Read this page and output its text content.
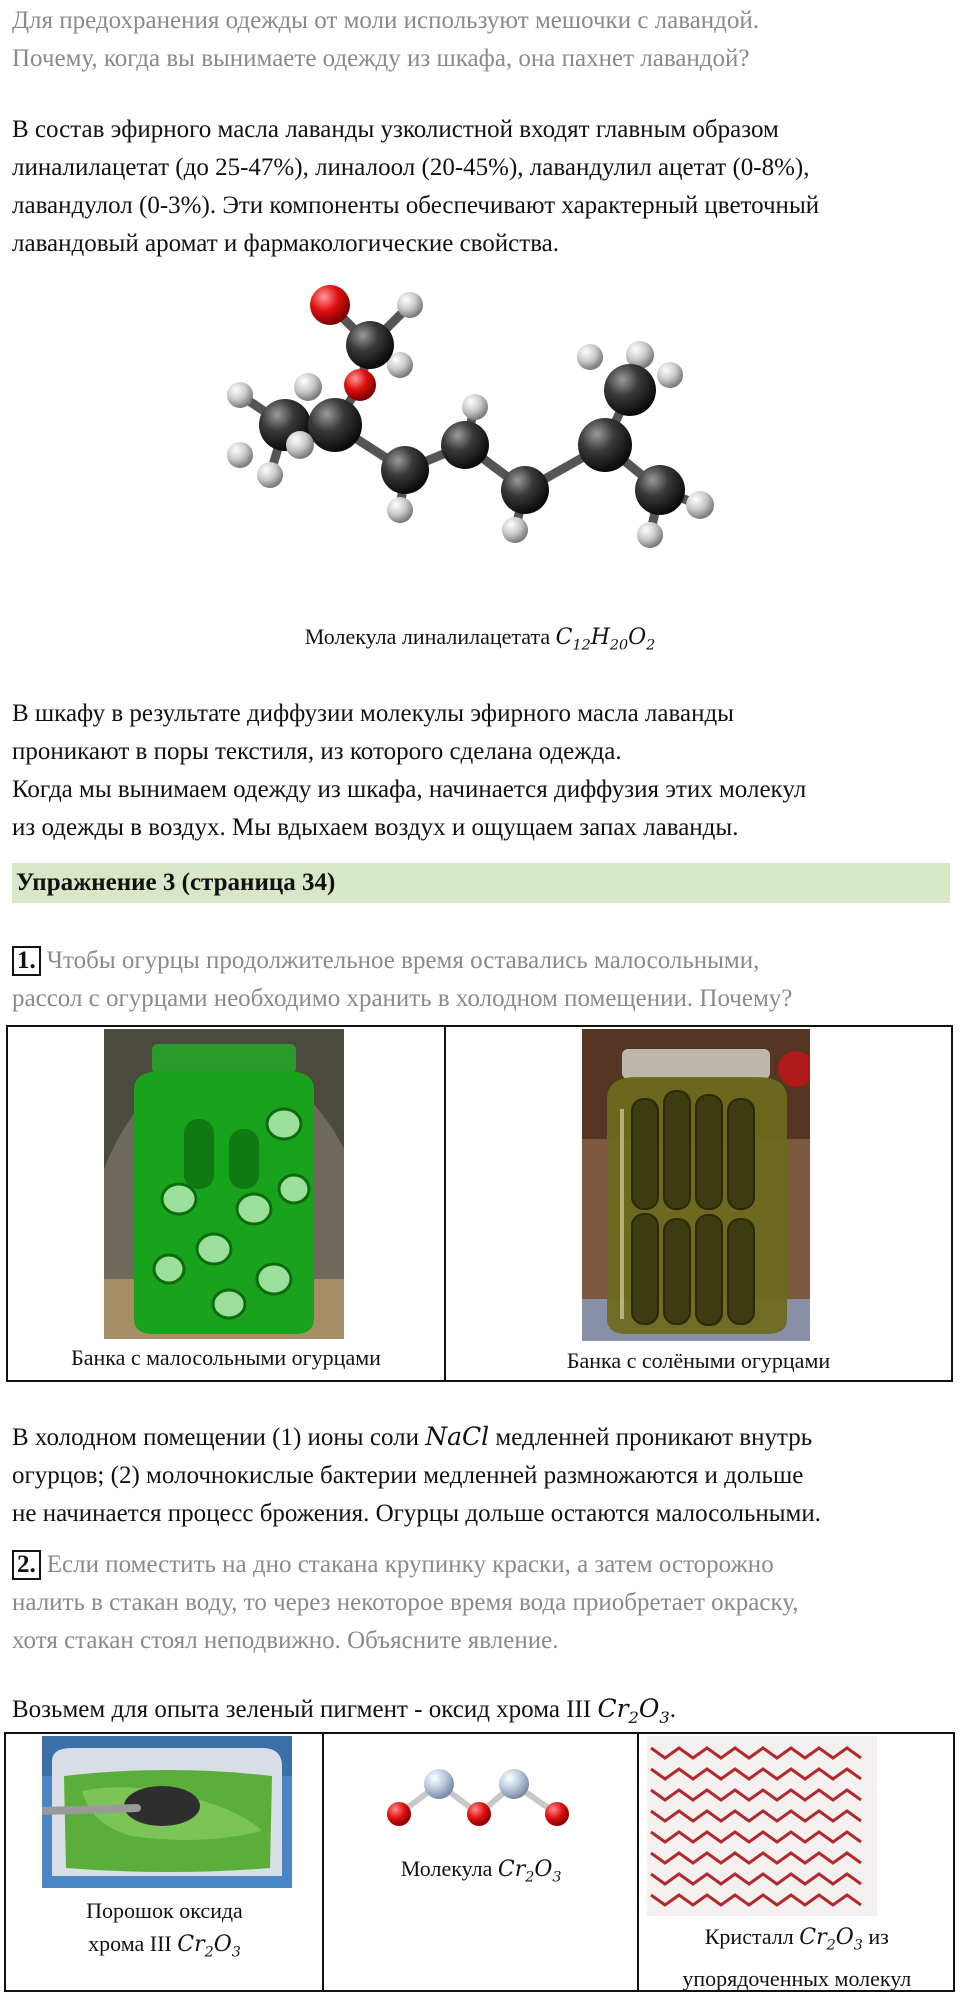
Для предохранения одежды от моли используют мешочки с лавандой.

Почему, когда вы вынимаете одежду из шкафа, она пахнет лавандой?

В состав эфирного масла лаванды узколистной входят главным образом

линалилацетат (до 25-47%), линалоол (20-45%), лавандулил ацетат (0-8%),

лавандулол (0-3%). Эти компоненты обеспечивают характерный цветочный

лавандовый аромат и фармакологические свойства.

Молекула линалилацетата $C_{12}H_{20}O_2$

В шкафу в результате диффузии молекулы эфирного масла лаванды

проникают в поры текстиля, из которого сделана одежда.

Когда мы вынимаем одежду из шкафа, начинается диффузия этих молекул

из одежды в воздух. Мы вдыхаем воздух и ощущаем запах лаванды.

Упражнение 3 (страница 34)

1. Чтобы огурцы продолжительное время оставались малосольными,

рассол с огурцами необходимо хранить в холодном помещении. Почему?

Банка с малосольными огурцами	Банка с солёными огурцами

В холодном помещении (1) ионы соли NaCl медленней проникают внутрь

огурцов; (2) молочнокислые бактерии медленней размножаются и дольше

не начинается процесс брожения. Огурцы дольше остаются малосольными.

2. Если поместить на дно стакана крупинку краски, а затем осторожно

налить в стакан воду, то через некоторое время вода приобретает окраску,

хотя стакан стоял неподвижно. Объясните явление.

Возьмем для опыта зеленый пигмент - оксид хрома III $Cr_2O_3$.

Порошок оксида
хрома III $Cr_2O_3$

Молекула $Cr_2O_3$

Кристалл $Cr_2O_3$ из
упорядоченных молекул
